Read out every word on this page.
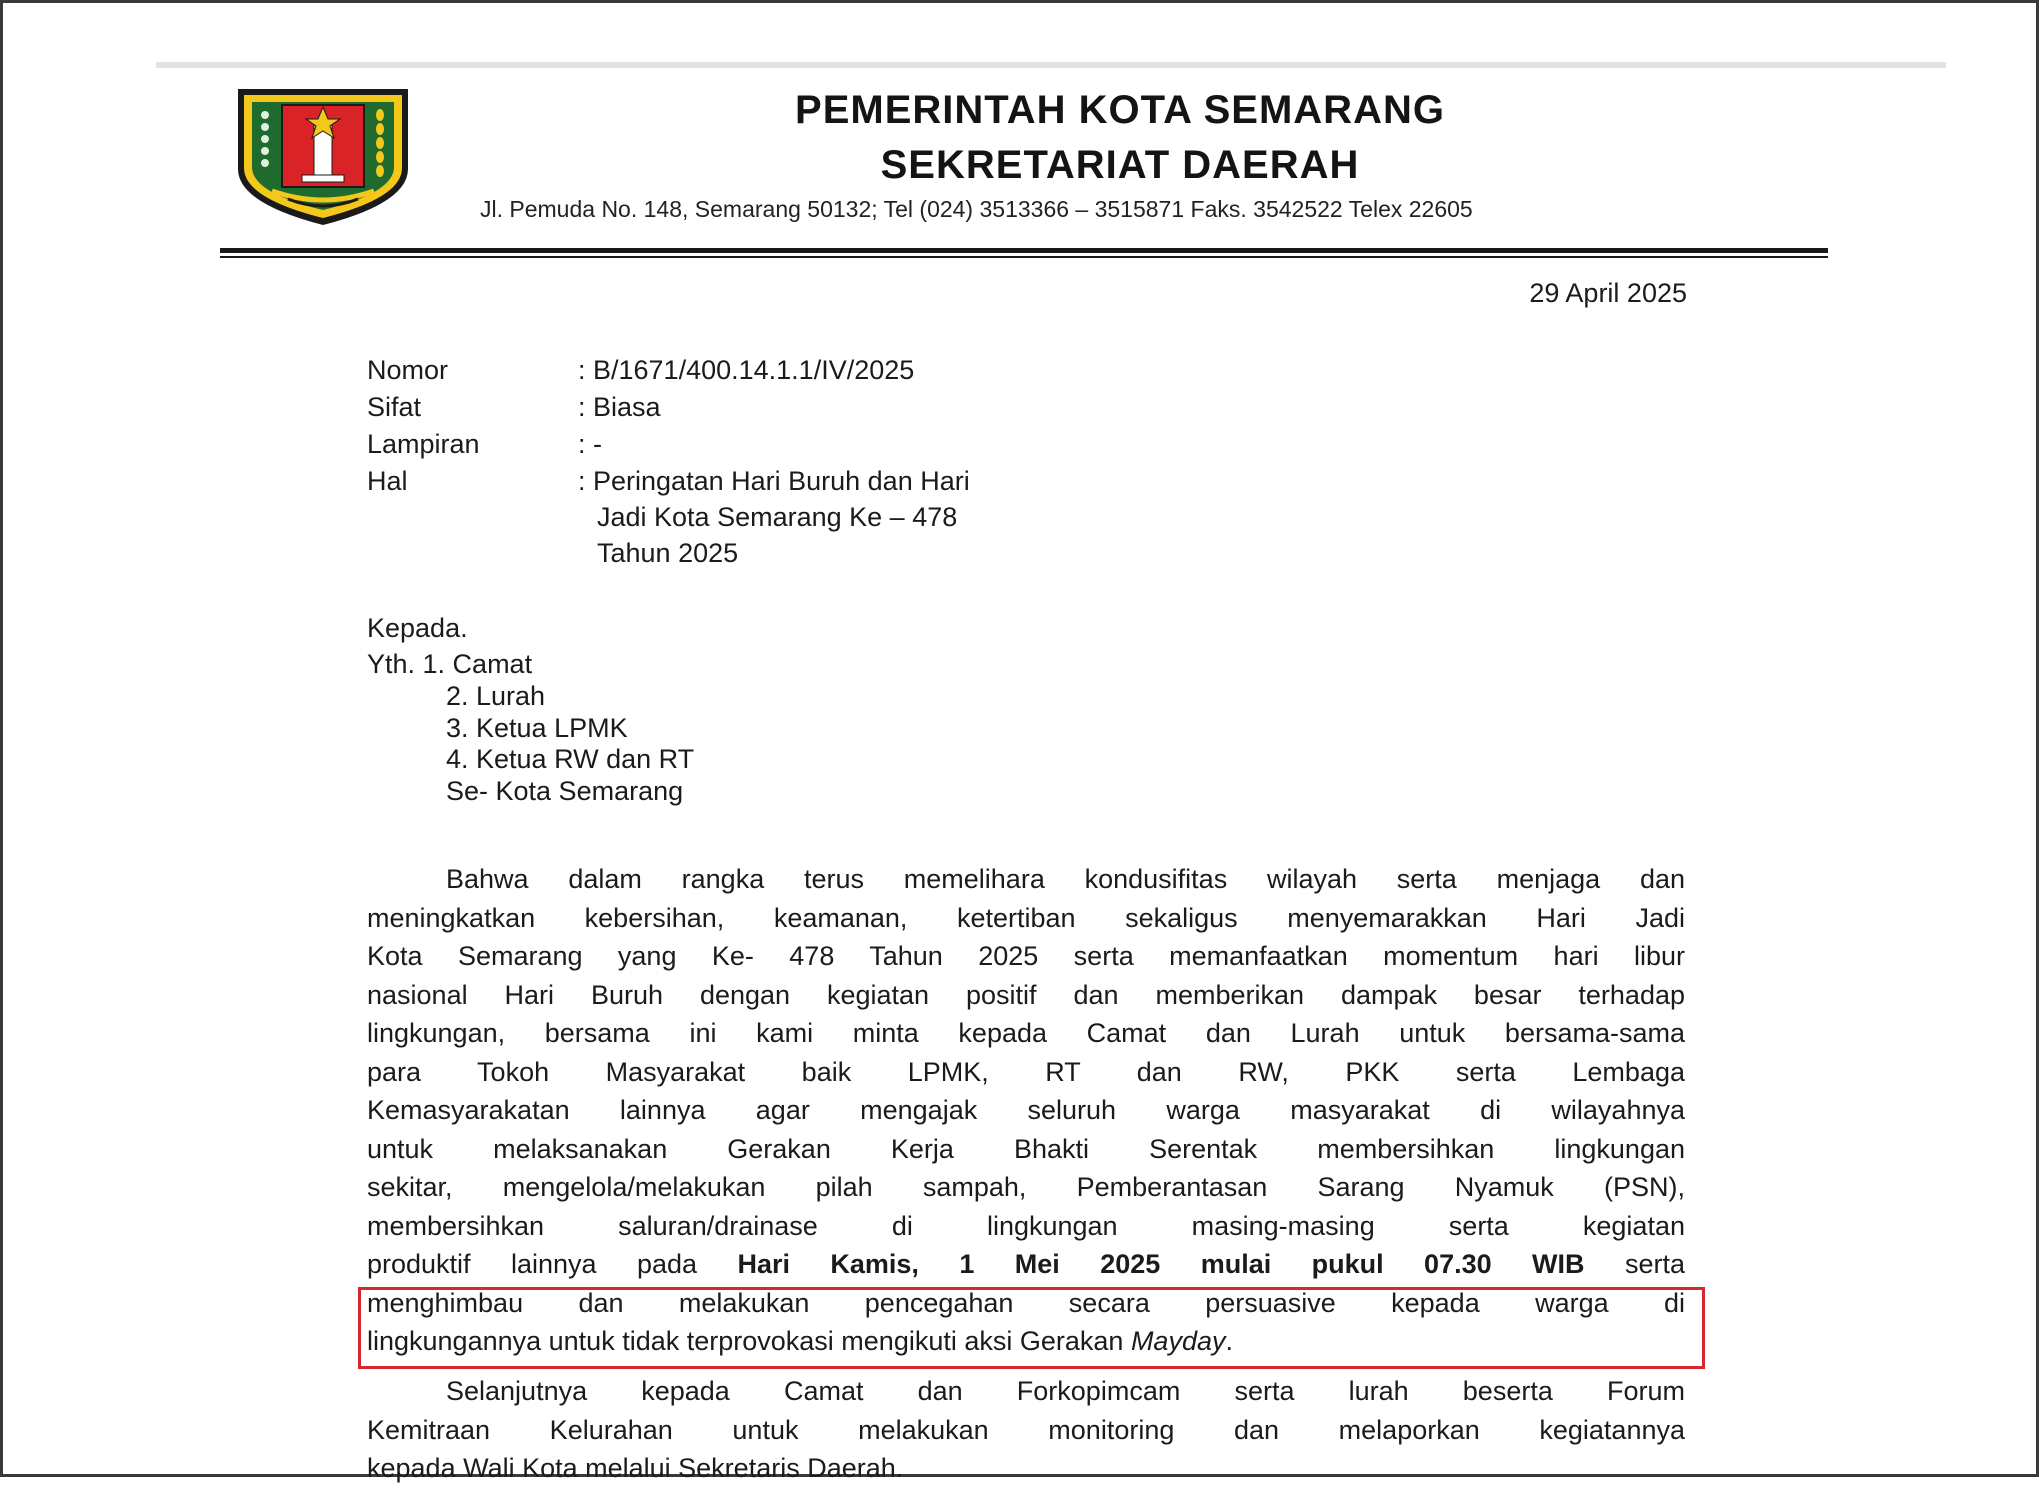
PEMERINTAH KOTA SEMARANG
SEKRETARIAT DAERAH
Jl. Pemuda No. 148, Semarang 50132; Tel (024) 3513366 – 3515871 Faks. 3542522 Telex 22605
29 April 2025
Nomor	: B/1671/400.14.1.1/IV/2025
Sifat	: Biasa
Lampiran	: -
Hal	: Peringatan Hari Buruh dan Hari
Jadi Kota Semarang Ke – 478
Tahun 2025
Kepada.
Yth. 1. Camat
2. Lurah
3. Ketua LPMK
4. Ketua RW dan RT
Se- Kota Semarang
Bahwa dalam rangka terus memelihara kondusifitas wilayah serta menjaga dan
meningkatkan kebersihan, keamanan, ketertiban sekaligus menyemarakkan Hari Jadi
Kota Semarang yang Ke- 478 Tahun 2025 serta memanfaatkan momentum hari libur
nasional Hari Buruh dengan kegiatan positif dan memberikan dampak besar terhadap
lingkungan, bersama ini kami minta kepada Camat dan Lurah untuk bersama-sama
para Tokoh Masyarakat baik LPMK, RT dan RW, PKK serta Lembaga
Kemasyarakatan lainnya agar mengajak seluruh warga masyarakat di wilayahnya
untuk melaksanakan Gerakan Kerja Bhakti Serentak membersihkan lingkungan
sekitar, mengelola/melakukan pilah sampah, Pemberantasan Sarang Nyamuk (PSN),
membersihkan saluran/drainase di lingkungan masing-masing serta kegiatan
produktif lainnya pada Hari Kamis, 1 Mei 2025 mulai pukul 07.30 WIB serta
menghimbau dan melakukan pencegahan secara persuasive kepada warga di
lingkungannya untuk tidak terprovokasi mengikuti aksi Gerakan Mayday.
Selanjutnya kepada Camat dan Forkopimcam serta lurah beserta Forum
Kemitraan Kelurahan untuk melakukan monitoring dan melaporkan kegiatannya
kepada Wali Kota melalui Sekretaris Daerah.
